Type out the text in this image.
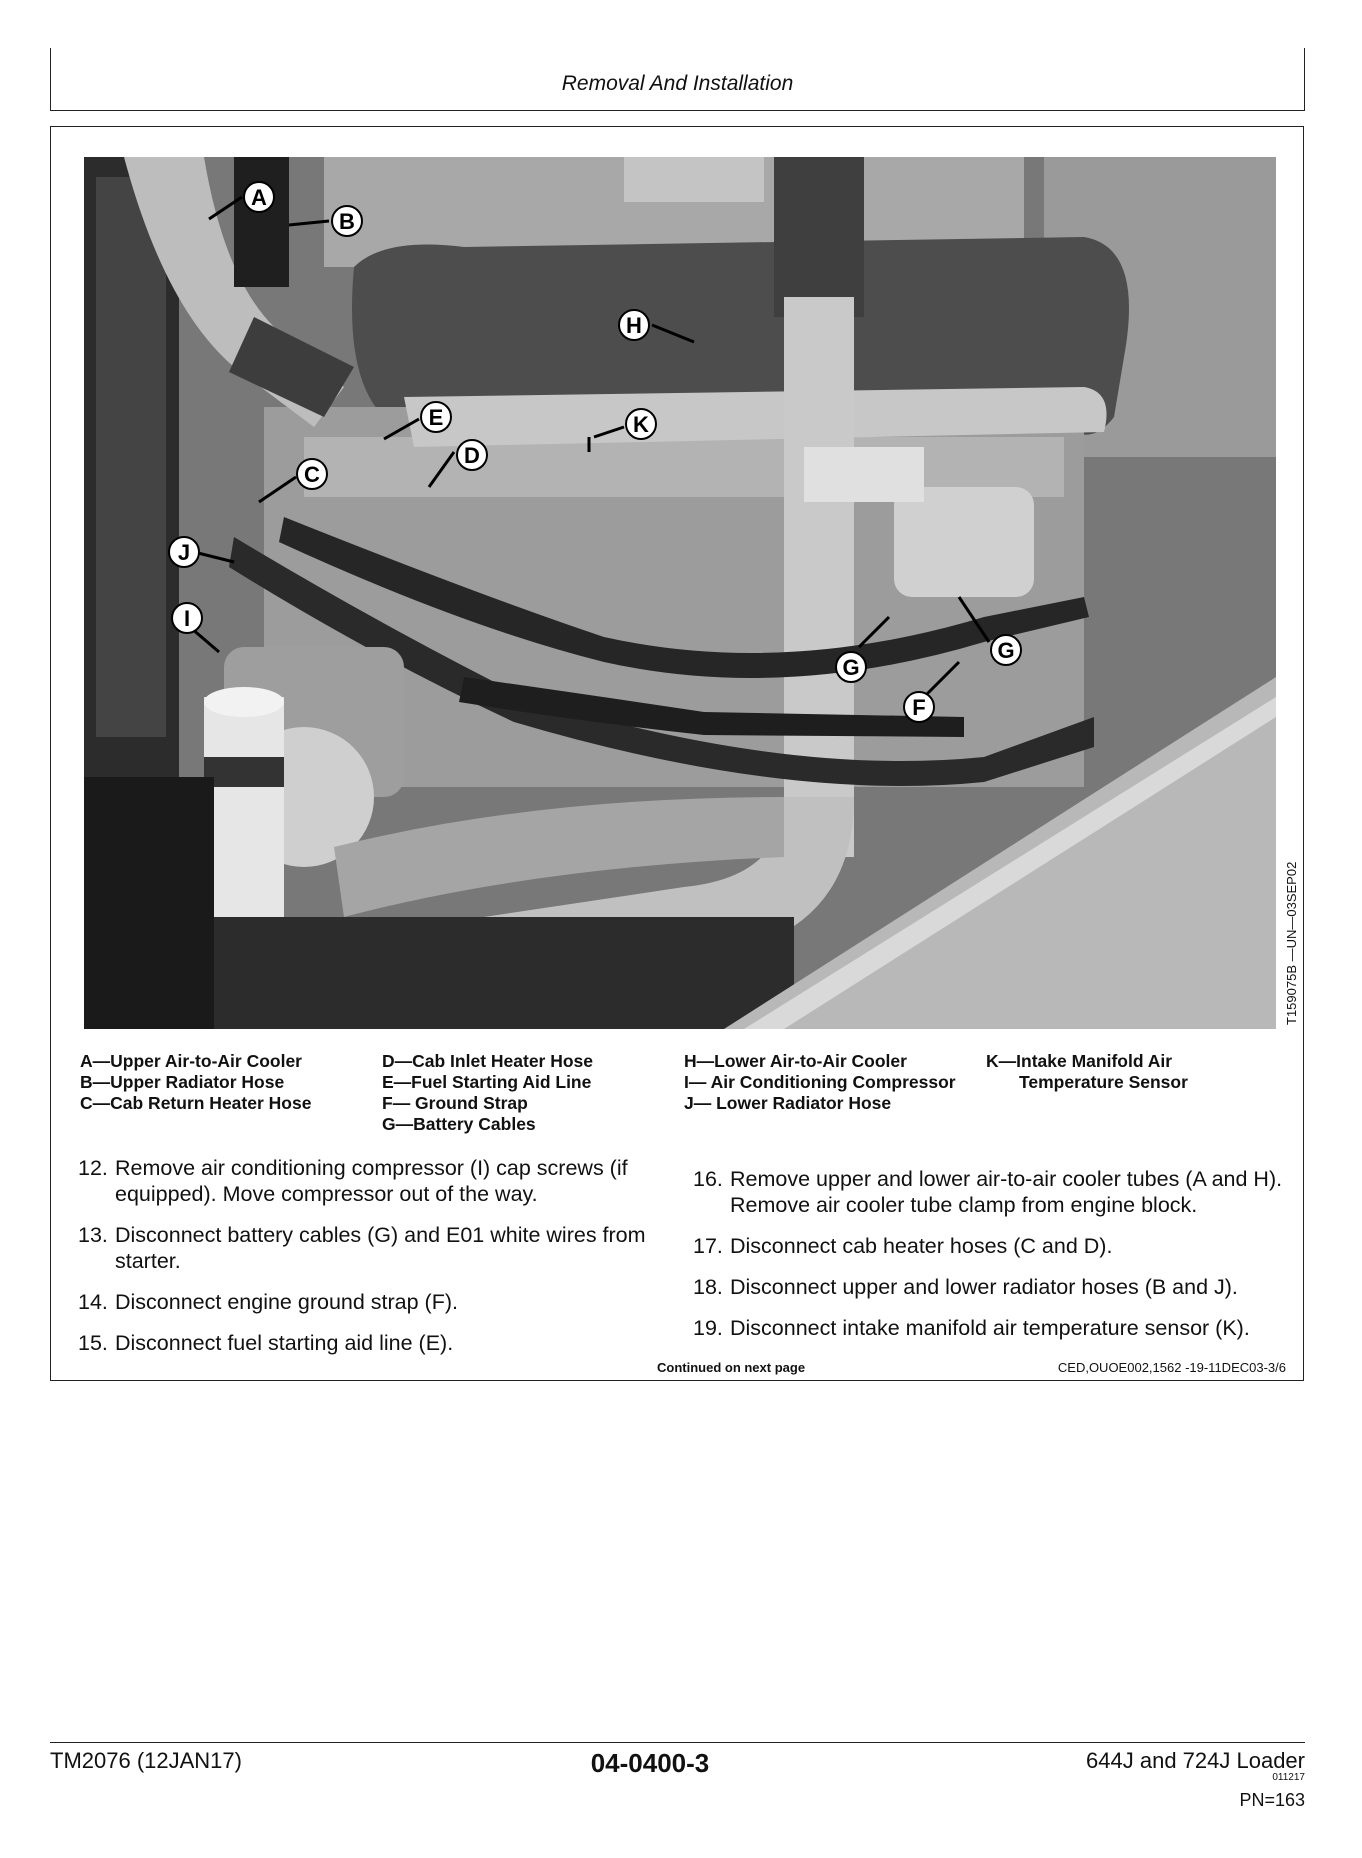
Removal And Installation
A
B
C
D
E	K
H
J
I
G
G
F
T159075B —UN—03SEP02
A—Upper Air-to-Air Cooler
B—Upper Radiator Hose
C—Cab Return Heater Hose
D—Cab Inlet Heater Hose
E—Fuel Starting Aid Line
F— Ground Strap
G—Battery Cables
H—Lower Air-to-Air Cooler
I— Air Conditioning Compressor
J— Lower Radiator Hose
K—Intake Manifold Air
Temperature Sensor
12. Remove air conditioning compressor (I) cap screws (if equipped). Move compressor out of the way.
13. Disconnect battery cables (G) and E01 white wires from starter.
14. Disconnect engine ground strap (F).
15. Disconnect fuel starting aid line (E).
16. Remove upper and lower air-to-air cooler tubes (A and H). Remove air cooler tube clamp from engine block.
17. Disconnect cab heater hoses (C and D).
18. Disconnect upper and lower radiator hoses (B and J).
19. Disconnect intake manifold air temperature sensor (K).
Continued on next page	CED,OUOE002,1562 -19-11DEC03-3/6
TM2076 (12JAN17)	04-0400-3	644J and 724J Loader
011217
PN=163
